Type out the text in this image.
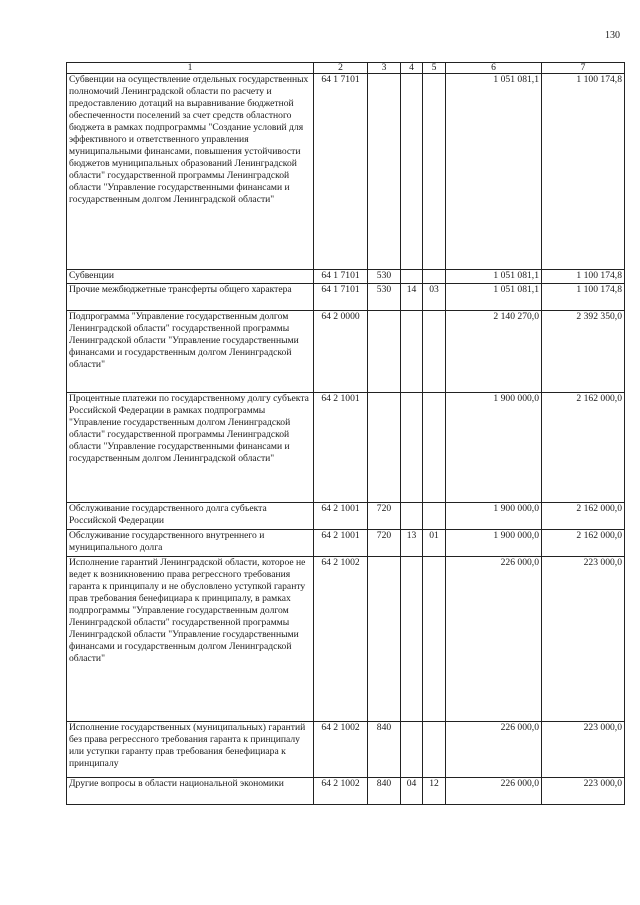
130
1	2	3	4	5	6	7
Субвенции на осуществление отдельных государственных полномочий Ленинградской области по расчету и предоставлению дотаций на выравнивание бюджетной обеспеченности поселений за счет средств областного бюджета в рамках подпрограммы "Создание условий для эффективного и ответственного управления муниципальными финансами, повышения устойчивости бюджетов муниципальных образований Ленинградской области" государственной программы Ленинградской области "Управление государственными финансами и государственным долгом Ленинградской области"	64 1 7101				1 051 081,1	1 100 174,8
Субвенции	64 1 7101	530			1 051 081,1	1 100 174,8
Прочие межбюджетные трансферты общего характера	64 1 7101	530	14	03	1 051 081,1	1 100 174,8
Подпрограмма "Управление государственным долгом Ленинградской области" государственной программы Ленинградской области "Управление государственными финансами и государственным долгом Ленинградской области"	64 2 0000				2 140 270,0	2 392 350,0
Процентные платежи по государственному долгу субъекта Российской Федерации в рамках подпрограммы "Управление государственным долгом Ленинградской области" государственной программы Ленинградской области "Управление государственными финансами и государственным долгом Ленинградской области"	64 2 1001				1 900 000,0	2 162 000,0
Обслуживание государственного долга субъекта Российской Федерации	64 2 1001	720			1 900 000,0	2 162 000,0
Обслуживание государственного внутреннего и муниципального долга	64 2 1001	720	13	01	1 900 000,0	2 162 000,0
Исполнение гарантий Ленинградской области, которое не ведет к возникновению права регрессного требования гаранта к принципалу и не обусловлено уступкой гаранту прав требования бенефициара к принципалу, в рамках подпрограммы "Управление государственным долгом Ленинградской области" государственной программы Ленинградской области "Управление государственными финансами и государственным долгом Ленинградской области"	64 2 1002				226 000,0	223 000,0
Исполнение государственных (муниципальных) гарантий без права регрессного требования гаранта к принципалу или уступки гаранту прав требования бенефициара к принципалу	64 2 1002	840			226 000,0	223 000,0
Другие вопросы в области национальной экономики	64 2 1002	840	04	12	226 000,0	223 000,0
